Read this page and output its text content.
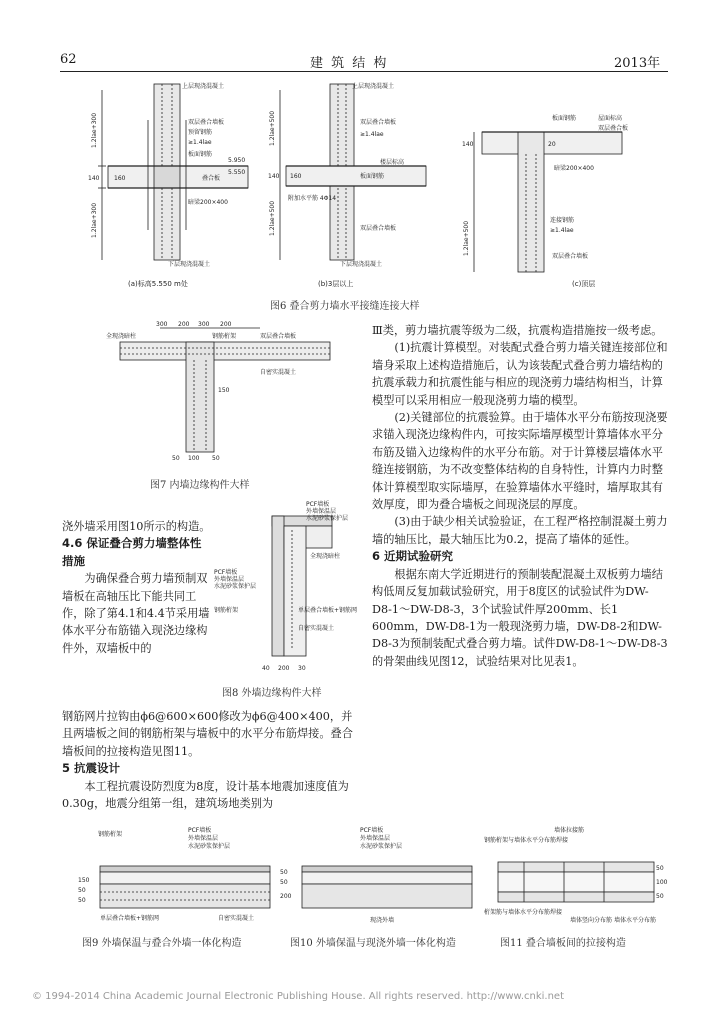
62	建 筑 结 构	2013年
上层现浇混凝土
双层叠合墙板
预留钢筋
≥1.4lae
板面钢筋
叠合板
暗梁200×400
下层现浇混凝土
5.950
5.550
1.2lae+300
1.2lae+300
140 160
(a)标高5.550 m处
上层现浇混凝土
双层叠合墙板
≥1.4lae
楼层标高
板面钢筋
附加水平筋 4Φ14
双层叠合墙板
下层现浇混凝土
1.2lae+500
1.2lae+500
140 160
(b)3层以上
板面钢筋	屋面标高
双层叠合板
暗梁200×400
连接钢筋
≥1.4lae
双层叠合墙板
140
1.2lae+500
20
(c)顶层
图6 叠合剪力墙水平接缝连接大样
全现浇暗柱	钢筋桁架	双层叠合墙板
自密实混凝土
300 200 300 200
150
50 100 50
图7 内墙边缘构件大样
PCF墙板
外墙保温层
水泥砂浆保护层
全现浇暗柱
PCF墙板
外墙保温层
水泥砂浆保护层
钢筋桁架	单层叠合墙板+钢筋网
自密实混凝土
40 200 30
图8 外墙边缘构件大样

浇外墙采用图10所示的构造。

4.6 保证叠合剪力墙整体性措施

为确保叠合剪力墙预制双墙板在高轴压比下能共同工作，除了第4.1和4.4节采用墙体水平分布筋锚入现浇边缘构件外，双墙板中的

钢筋网片拉钩由ϕ6@600×600修改为ϕ6@400×400，并且两墙板之间的钢筋桁架与墙板中的水平分布筋焊接。叠合墙板间的拉接构造见图11。

5 抗震设计

本工程抗震设防烈度为8度，设计基本地震加速度值为0.30g，地震分组第一组，建筑场地类别为

Ⅲ类，剪力墙抗震等级为二级，抗震构造措施按一级考虑。

(1)抗震计算模型。对装配式叠合剪力墙关键连接部位和墙身采取上述构造措施后，认为该装配式叠合剪力墙结构的抗震承载力和抗震性能与相应的现浇剪力墙结构相当，计算模型可以采用相应一般现浇剪力墙的模型。

(2)关键部位的抗震验算。由于墙体水平分布筋按现浇要求锚入现浇边缘构件内，可按实际墙厚模型计算墙体水平分布筋及锚入边缘构件的水平分布筋。对于计算楼层墙体水平缝连接钢筋，为不改变整体结构的自身特性，计算内力时整体计算模型取实际墙厚，在验算墙体水平缝时，墙厚取其有效厚度，即为叠合墙板之间现浇层的厚度。

(3)由于缺少相关试验验证，在工程严格控制混凝土剪力墙的轴压比，最大轴压比为0.2，提高了墙体的延性。

6 近期试验研究

根据东南大学近期进行的预制装配混凝土双板剪力墙结构低周反复加载试验研究，用于8度区的试验试件为DW-D8-1～DW-D8-3，3个试验试件厚200mm、长1 600mm，DW-D8-1为一般现浇剪力墙，DW-D8-2和DW-D8-3为预制装配式叠合剪力墙。试件DW-D8-1～DW-D8-3的骨架曲线见图12，试验结果对比见表1。

钢筋桁架
PCF墙板
外墙保温层
水泥砂浆保护层
单层叠合墙板+钢筋网	自密实混凝土
150
50
50
图9 外墙保温与叠合外墙一体化构造
PCF墙板
外墙保温层
水泥砂浆保护层
现浇外墙
200
50
50
图10 外墙保温与现浇外墙一体化构造
墙体拉接筋
钢筋桁架与墙体水平分布筋焊接
桁架筋与墙体水平分布筋焊接
墙体竖向分布筋 墙体水平分布筋
50
100
50
图11 叠合墙板间的拉接构造
© 1994-2014 China Academic Journal Electronic Publishing House. All rights reserved. http://www.cnki.net
